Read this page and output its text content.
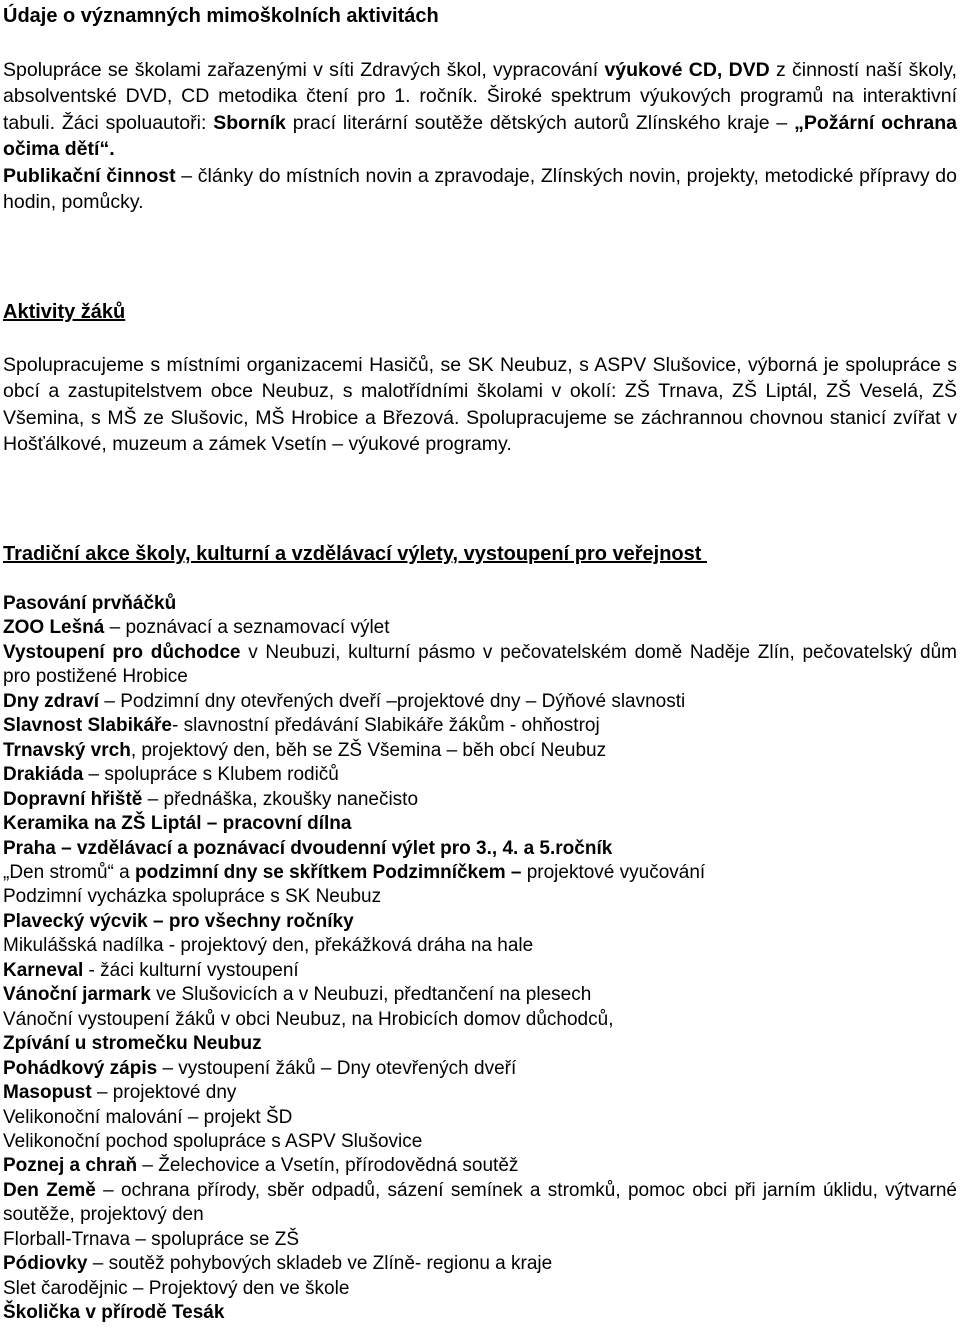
Údaje o významných mimoškolních aktivitách

Spolupráce se školami zařazenými v síti Zdravých škol, vypracování výukové CD, DVD z činností naší školy, absolventské DVD, CD metodika čtení pro 1. ročník. Široké spektrum výukových programů na interaktivní tabuli. Žáci spoluautoři: Sborník prací literární soutěže dětských autorů Zlínského kraje – „Požární ochrana očima dětí“.
Publikační činnost – články do místních novin a zpravodaje, Zlínských novin, projekty, metodické přípravy do hodin, pomůcky.

Aktivity žáků

Spolupracujeme s místními organizacemi Hasičů, se SK Neubuz, s ASPV Slušovice, výborná je spolupráce s obcí a zastupitelstvem obce Neubuz, s malotřídními školami v okolí: ZŠ Trnava, ZŠ Liptál, ZŠ Veselá, ZŠ Všemina, s MŠ ze Slušovic, MŠ Hrobice a Březová. Spolupracujeme se záchrannou chovnou stanicí zvířat v Hošťálkové, muzeum a zámek Vsetín – výukové programy.

Tradiční akce školy, kulturní a vzdělávací výlety, vystoupení pro veřejnost

Pasování prvňáčků

ZOO Lešná – poznávací a seznamovací výlet

Vystoupení pro důchodce v Neubuzi, kulturní pásmo v pečovatelském domě Naděje Zlín, pečovatelský dům pro postižené Hrobice

Dny zdraví – Podzimní dny otevřených dveří –projektové dny – Dýňové slavnosti

Slavnost Slabikáře- slavnostní předávání Slabikáře žákům - ohňostroj

Trnavský vrch, projektový den, běh se ZŠ Všemina – běh obcí Neubuz

Drakiáda – spolupráce s Klubem rodičů

Dopravní hřiště – přednáška, zkoušky nanečisto

Keramika na ZŠ Liptál – pracovní dílna

Praha – vzdělávací a poznávací dvoudenní výlet pro 3., 4. a 5.ročník

„Den stromů“ a podzimní dny se skřítkem Podzimníčkem – projektové vyučování

Podzimní vycházka spolupráce s SK Neubuz

Plavecký výcvik – pro všechny ročníky

Mikulášská nadílka - projektový den, překážková dráha na hale

Karneval - žáci kulturní vystoupení

Vánoční jarmark ve Slušovicích a v Neubuzi, předtančení na plesech

Vánoční vystoupení žáků v obci Neubuz, na Hrobicích domov důchodců,

Zpívání u stromečku Neubuz

Pohádkový zápis – vystoupení žáků – Dny otevřených dveří

Masopust – projektové dny

Velikonoční malování – projekt ŠD

Velikonoční pochod spolupráce s ASPV Slušovice

Poznej a chraň – Želechovice a Vsetín, přírodovědná soutěž

Den Země – ochrana přírody, sběr odpadů, sázení semínek a stromků, pomoc obci při jarním úklidu, výtvarné soutěže, projektový den

Florball-Trnava – spolupráce se ZŠ

Pódiovky – soutěž pohybových skladeb ve Zlíně- regionu a kraje

Slet čarodějnic – Projektový den ve škole

Školička v přírodě Tesák
